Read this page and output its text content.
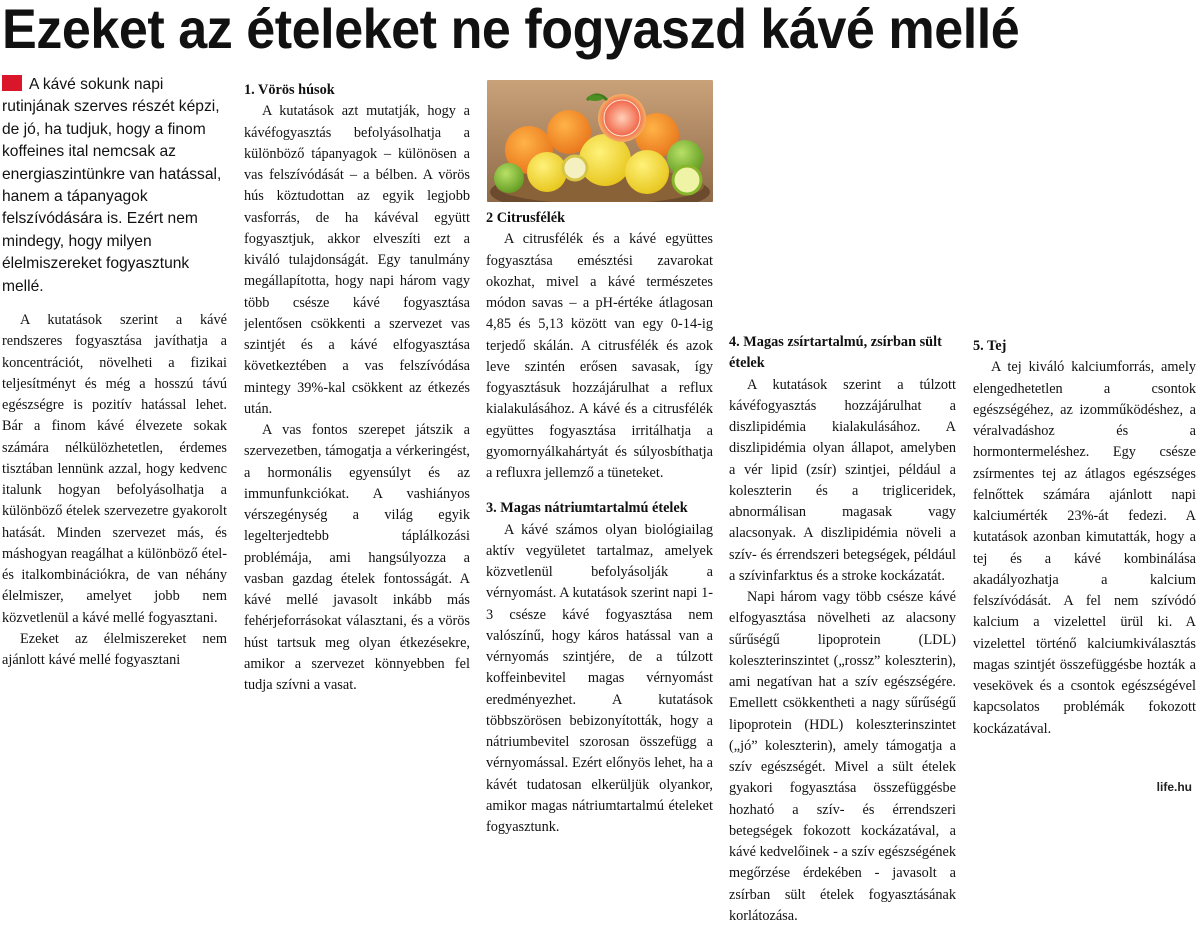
Ezeket az ételeket ne fogyaszd kávé mellé
A kávé sokunk napi rutinjának szerves részét képzi, de jó, ha tudjuk, hogy a finom koffeines ital nemcsak az energiaszintünkre van hatással, hanem a tápanyagok felszívódására is. Ezért nem mindegy, hogy milyen élelmiszereket fogyasztunk mellé.

A kutatások szerint a kávé rendszeres fogyasztása javíthatja a koncentrációt, növelheti a fizikai teljesítményt és még a hosszú távú egészségre is pozitív hatással lehet. Bár a finom kávé élvezete sokak számára nélkülözhetetlen, érdemes tisztában lennünk azzal, hogy kedvenc italunk hogyan befolyásolhatja a különböző ételek szervezetre gyakorolt hatását. Minden szervezet más, és máshogyan reagálhat a különböző étel- és italkombinációkra, de van néhány élelmiszer, amelyet jobb nem közvetlenül a kávé mellé fogyasztani.

Ezeket az élelmiszereket nem ajánlott kávé mellé fogyasztani

1. Vörös húsok

A kutatások azt mutatják, hogy a kávéfogyasztás befolyásolhatja a különböző tápanyagok – különösen a vas felszívódását – a bélben. A vörös hús köztudottan az egyik legjobb vasforrás, de ha kávéval együtt fogyasztjuk, akkor elveszíti ezt a kiváló tulajdonságát. Egy tanulmány megállapította, hogy napi három vagy több csésze kávé fogyasztása jelentősen csökkenti a szervezet vas szintjét és a kávé elfogyasztása következtében a vas felszívódása mintegy 39%-kal csökkent az étkezés után.

A vas fontos szerepet játszik a szervezetben, támogatja a vérkeringést, a hormonális egyensúlyt és az immunfunkciókat. A vashiányos vérszegénység a világ egyik legelterjedtebb táplálkozási problémája, ami hangsúlyozza a vasban gazdag ételek fontosságát. A kávé mellé javasolt inkább más fehérjeforrásokat választani, és a vörös húst tartsuk meg olyan étkezésekre, amikor a szervezet könnyebben fel tudja szívni a vasat.

2 Citrusfélék

A citrusfélék és a kávé együttes fogyasztása emésztési zavarokat okozhat, mivel a kávé természetes módon savas – a pH-értéke átlagosan 4,85 és 5,13 között van egy 0-14-ig terjedő skálán. A citrusfélék és azok leve szintén erősen savasak, így fogyasztásuk hozzájárulhat a reflux kialakulásához. A kávé és a citrusfélék együttes fogyasztása irritálhatja a gyomornyálkahártyát és súlyosbíthatja a refluxra jellemző a tüneteket.

3. Magas nátriumtartalmú ételek

A kávé számos olyan biológiailag aktív vegyületet tartalmaz, amelyek közvetlenül befolyásolják a vérnyomást. A kutatások szerint napi 1-3 csésze kávé fogyasztása nem valószínű, hogy káros hatással van a vérnyomás szintjére, de a túlzott koffeinbevitel magas vérnyomást eredményezhet. A kutatások többszörösen bebizonyították, hogy a nátriumbevitel szorosan összefügg a vérnyomással. Ezért előnyös lehet, ha a kávét tudatosan elkerüljük olyankor, amikor magas nátriumtartalmú ételeket fogyasztunk.

4. Magas zsírtartalmú, zsírban sült ételek

A kutatások szerint a túlzott kávéfogyasztás hozzájárulhat a diszlipidémia kialakulásához. A diszlipidémia olyan állapot, amelyben a vér lipid (zsír) szintjei, például a koleszterin és a trigliceridek, abnormálisan magasak vagy alacsonyak. A diszlipidémia növeli a szív- és érrendszeri betegségek, például a szívinfarktus és a stroke kockázatát.

Napi három vagy több csésze kávé elfogyasztása növelheti az alacsony sűrűségű lipoprotein (LDL) koleszterinszintet („rossz” koleszterin), ami negatívan hat a szív egészségére. Emellett csökkentheti a nagy sűrűségű lipoprotein (HDL) koleszterinszintet („jó” koleszterin), amely támogatja a szív egészségét. Mivel a sült ételek gyakori fogyasztása összefüggésbe hozható a szív- és érrendszeri betegségek fokozott kockázatával, a kávé kedvelőinek - a szív egészségének megőrzése érdekében - javasolt a zsírban sült ételek fogyasztásának korlátozása.

5. Tej

A tej kiváló kalciumforrás, amely elengedhetetlen a csontok egészségéhez, az izomműködéshez, a véralvadáshoz és a hormontermeléshez. Egy csésze zsírmentes tej az átlagos egészséges felnőttek számára ajánlott napi kalciumérték 23%-át fedezi. A kutatások azonban kimutatták, hogy a tej és a kávé kombinálása akadályozhatja a kalcium felszívódását. A fel nem szívódó kalcium a vizelettel ürül ki. A vizelettel történő kalciumkiválasztás magas szintjét összefüggésbe hozták a vesekövek és a csontok egészségével kapcsolatos problémák fokozott kockázatával.

life.hu
